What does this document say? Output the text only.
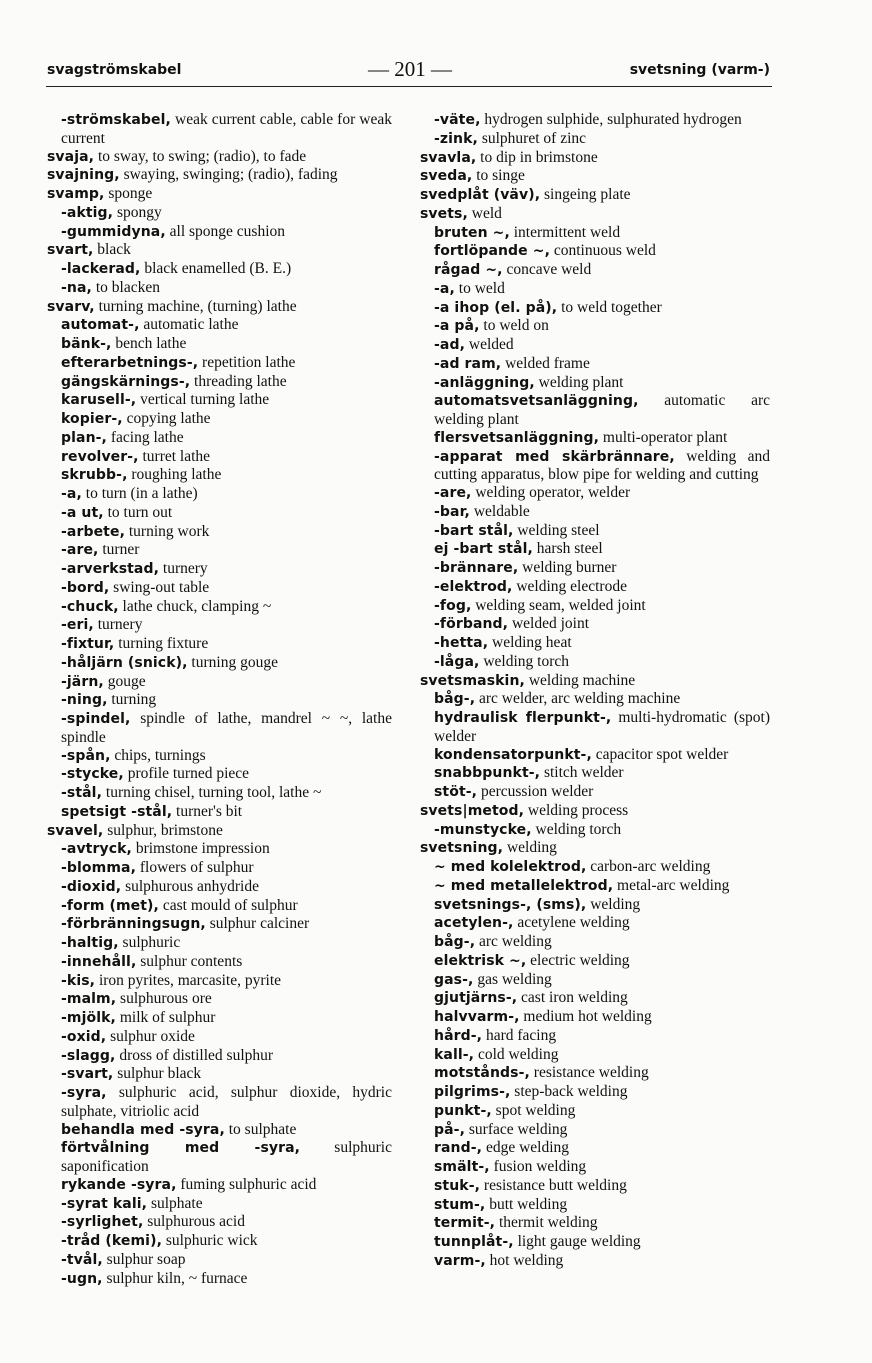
svagströmskabel	— 201 —	svetsning (varm-)
-strömskabel, weak current cable, cable for weak current
svaja, to sway, to swing; (radio), to fade
svajning, swaying, swinging; (radio), fading
svamp, sponge
-aktig, spongy
-gummidyna, all sponge cushion
svart, black
-lackerad, black enamelled (B. E.)
-na, to blacken
svarv, turning machine, (turning) lathe
automat-, automatic lathe
bänk-, bench lathe
efterarbetnings-, repetition lathe
gängskärnings-, threading lathe
karusell-, vertical turning lathe
kopier-, copying lathe
plan-, facing lathe
revolver-, turret lathe
skrubb-, roughing lathe
-a, to turn (in a lathe)
-a ut, to turn out
-arbete, turning work
-are, turner
-arverkstad, turnery
-bord, swing-out table
-chuck, lathe chuck, clamping ~
-eri, turnery
-fixtur, turning fixture
-håljärn (snick), turning gouge
-järn, gouge
-ning, turning
-spindel, spindle of lathe, mandrel ~ ~, lathe spindle
-spån, chips, turnings
-stycke, profile turned piece
-stål, turning chisel, turning tool, lathe ~
spetsigt -stål, turner's bit
svavel, sulphur, brimstone
-avtryck, brimstone impression
-blomma, flowers of sulphur
-dioxid, sulphurous anhydride
-form (met), cast mould of sulphur
-förbränningsugn, sulphur calciner
-haltig, sulphuric
-innehåll, sulphur contents
-kis, iron pyrites, marcasite, pyrite
-malm, sulphurous ore
-mjölk, milk of sulphur
-oxid, sulphur oxide
-slagg, dross of distilled sulphur
-svart, sulphur black
-syra, sulphuric acid, sulphur dioxide, hydric sulphate, vitriolic acid
behandla med -syra, to sulphate
förtvålning med -syra, sulphuric saponification
rykande -syra, fuming sulphuric acid
-syrat kali, sulphate
-syrlighet, sulphurous acid
-tråd (kemi), sulphuric wick
-tvål, sulphur soap
-ugn, sulphur kiln, ~ furnace
-väte, hydrogen sulphide, sulphurated hydrogen
-zink, sulphuret of zinc
svavla, to dip in brimstone
sveda, to singe
svedplåt (väv), singeing plate
svets, weld
bruten ~, intermittent weld
fortlöpande ~, continuous weld
rågad ~, concave weld
-a, to weld
-a ihop (el. på), to weld together
-a på, to weld on
-ad, welded
-ad ram, welded frame
-anläggning, welding plant
automatsvetsanläggning, automatic arc welding plant
flersvetsanläggning, multi-operator plant
-apparat med skärbrännare, welding and cutting apparatus, blow pipe for welding and cutting
-are, welding operator, welder
-bar, weldable
-bart stål, welding steel
ej -bart stål, harsh steel
-brännare, welding burner
-elektrod, welding electrode
-fog, welding seam, welded joint
-förband, welded joint
-hetta, welding heat
-låga, welding torch
svetsmaskin, welding machine
båg-, arc welder, arc welding machine
hydraulisk flerpunkt-, multi-hydromatic (spot) welder
kondensatorpunkt-, capacitor spot welder
snabbpunkt-, stitch welder
stöt-, percussion welder
svets|metod, welding process
-munstycke, welding torch
svetsning, welding
~ med kolelektrod, carbon-arc welding
~ med metallelektrod, metal-arc welding
svetsnings-, (sms), welding
acetylen-, acetylene welding
båg-, arc welding
elektrisk ~, electric welding
gas-, gas welding
gjutjärns-, cast iron welding
halvvarm-, medium hot welding
hård-, hard facing
kall-, cold welding
motstånds-, resistance welding
pilgrims-, step-back welding
punkt-, spot welding
på-, surface welding
rand-, edge welding
smält-, fusion welding
stuk-, resistance butt welding
stum-, butt welding
termit-, thermit welding
tunnplåt-, light gauge welding
varm-, hot welding
